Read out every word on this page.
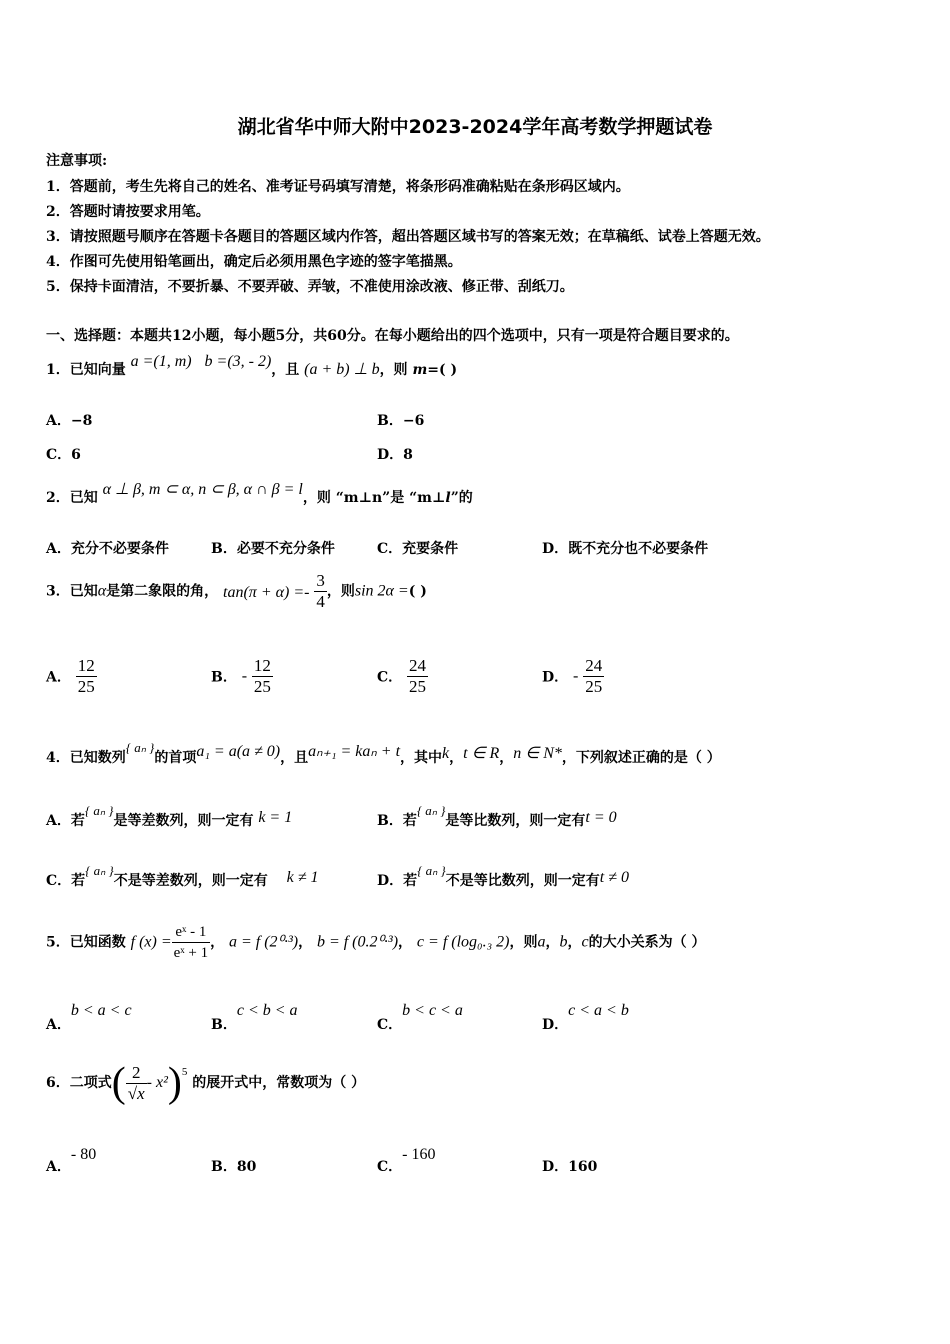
湖北省华中师大附中2023-2024学年高考数学押题试卷
注意事项:
1．答题前，考生先将自己的姓名、准考证号码填写清楚，将条形码准确粘贴在条形码区域内。
2．答题时请按要求用笔。
3．请按照题号顺序在答题卡各题目的答题区域内作答，超出答题区域书写的答案无效；在草稿纸、试卷上答题无效。
4．作图可先使用铅笔画出，确定后必须用黑色字迹的签字笔描黑。
5．保持卡面清洁，不要折暴、不要弄破、弄皱，不准使用涂改液、修正带、刮纸刀。
一、选择题：本题共12小题，每小题5分，共60分。在每小题给出的四个选项中，只有一项是符合题目要求的。
1．已知向量 a =(1, m) b =(3, - 2)，且 (a + b) ⊥ b，则 m=( )
A．−8	B．−6
C．6	D．8
2．已知 α ⊥ β, m ⊂ α, n ⊂ β, α ∩ β = l，则 “m⊥n”是 “m⊥l”的
A．充分不必要条件	B．必要不充分条件	C．充要条件	D．既不充分也不必要条件
3．已知α是第二象限的角， $\tan(\pi + \alpha) =- \frac{3}{4}$ ，则sin 2α =( )
A． $\frac{12}{25}$	B． - $\frac{12}{25}$	C． $\frac{24}{25}$	D． - $\frac{24}{25}$
4．已知数列{ aₙ }的首项a₁ = a(a ≠ 0)，且aₙ₊₁ = kaₙ + t，其中k，t ∈ R，n ∈ N*，下列叙述正确的是（ ）
A．若{ aₙ }是等差数列，则一定有 k = 1	B．若{ aₙ }是等比数列，则一定有t = 0
C．若{ aₙ }不是等差数列，则一定有 k ≠ 1	D．若{ aₙ }不是等比数列，则一定有t ≠ 0
5．已知函数 f $(x) = \frac{\text{eˣ - 1}}{\text{eˣ + 1}}$ ， a = f (2⁰·³)， b = f (0.2⁰·³)， c = f (log₀.₃ 2)，则a，b，c的大小关系为（ ）
A．b < a < c
B．c < b < a
C．b < c < a
D．c < a < b
6．二项式( $\frac{2}{√x} - x^2)^5$ 的展开式中，常数项为（ ）
A．- 80
B．80	C．- 160
D．160
